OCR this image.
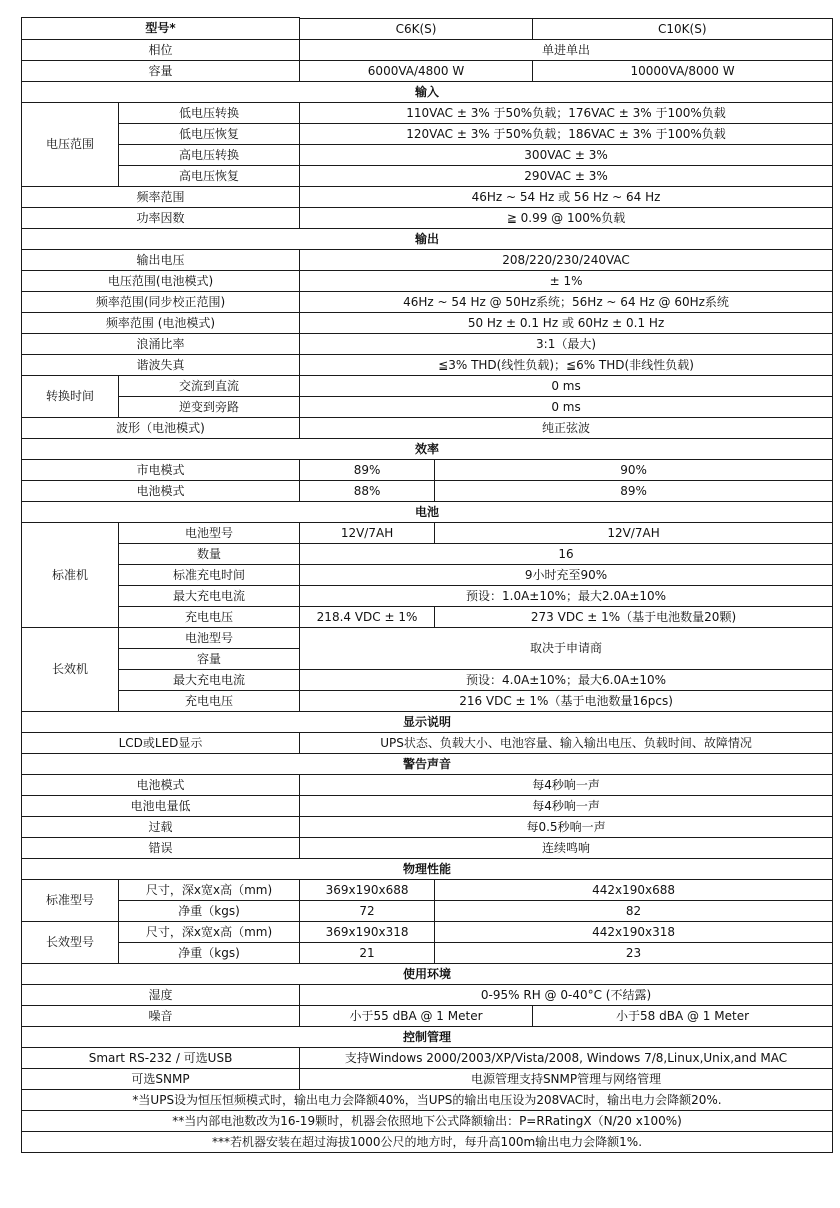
型号*		C6K(S)	C10K(S)

相位	单进单出
容量		6000VA/4800 W	10000VA/8000 W

输入
电压范围	低电压转换	110VAC ± 3% 于50%负载；176VAC ± 3% 于100%负载
低电压恢复	120VAC ± 3% 于50%负载；186VAC ± 3% 于100%负载
高电压转换	300VAC ± 3%
高电压恢复	290VAC ± 3%
频率范围	46Hz ~ 54 Hz 或 56 Hz ~ 64 Hz
功率因数	≧ 0.99 @ 100%负载
输出
输出电压	208/220/230/240VAC
电压范围(电池模式)	± 1%
频率范围(同步校正范围)	46Hz ~ 54 Hz @ 50Hz系统；56Hz ~ 64 Hz @ 60Hz系统
频率范围 (电池模式)	50 Hz ± 0.1 Hz 或 60Hz ± 0.1 Hz
浪涌比率	3:1（最大)
谐波失真	≦3% THD(线性负载)；≦6% THD(非线性负载)
转换时间	交流到直流	0 ms
逆变到旁路	0 ms
波形（电池模式)	纯正弦波
效率
市电模式	89%	90%
电池模式	88%	89%
电池
标准机	电池型号	12V/7AH	12V/7AH
数量	16
标准充电时间	9小时充至90%
最大充电电流	预设：1.0A±10%；最大2.0A±10%
充电电压	218.4 VDC ± 1%	273 VDC ± 1%（基于电池数量20颗)
长效机	电池型号	取决于申请商
容量
最大充电电流	预设：4.0A±10%；最大6.0A±10%
充电电压	216 VDC ± 1%（基于电池数量16pcs)
显示说明
LCD或LED显示	UPS状态、负载大小、电池容量、输入输出电压、负载时间、故障情况
警告声音
电池模式	每4秒响一声
电池电量低	每4秒响一声
过载	每0.5秒响一声
错误	连续鸣响
物理性能
标准型号	尺寸，深x宽x高（mm)	369x190x688	442x190x688
净重（kgs)	72	82
长效型号	尺寸，深x宽x高（mm)	369x190x318	442x190x318
净重（kgs)	21	23
使用环境
湿度	0-95% RH @ 0-40°C (不结露)
噪音		小于55 dBA @ 1 Meter	小于58 dBA @ 1 Meter

控制管理
Smart RS-232 / 可选USB	支持Windows 2000/2003/XP/Vista/2008, Windows 7/8,Linux,Unix,and MAC
可选SNMP	电源管理支持SNMP管理与网络管理
*当UPS设为恒压恒频模式时，输出电力会降额40%，当UPS的输出电压设为208VAC时，输出电力会降额20%.
**当内部电池数改为16-19颗时，机器会依照地下公式降额输出：P=RRatingX（N/20 x100%)
***若机器安装在超过海拔1000公尺的地方时，每升高100m输出电力会降额1%.
